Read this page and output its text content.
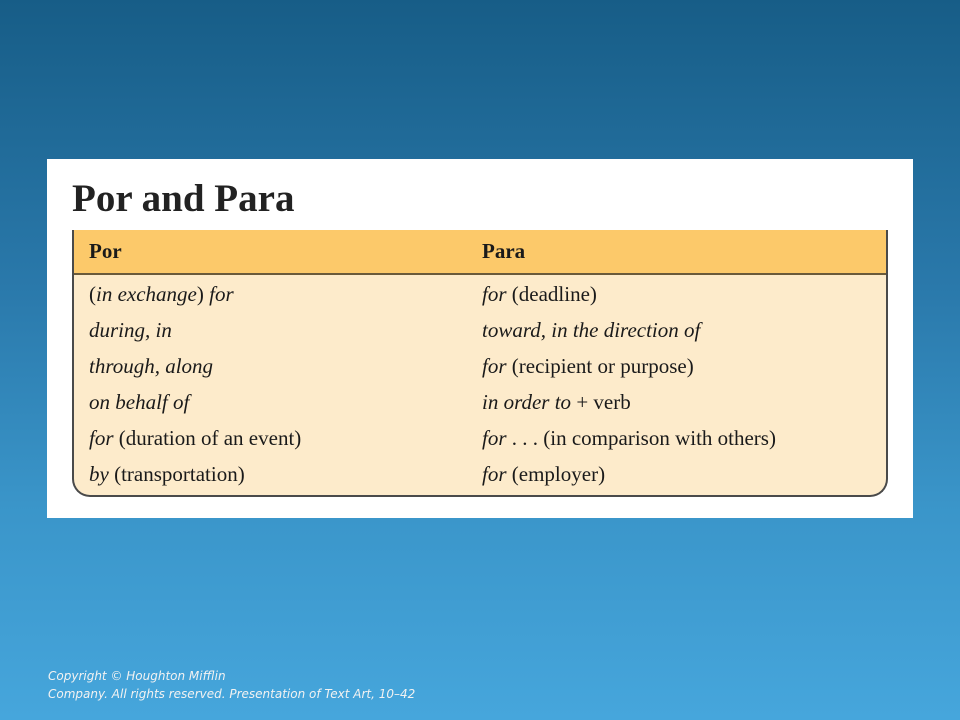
Por and Para
Por	Para
(in exchange) for	for (deadline)
during, in	toward, in the direction of
through, along	for (recipient or purpose)
on behalf of	in order to + verb
for (duration of an event)	for . . . (in comparison with others)
by (transportation)	for (employer)
Copyright © Houghton Mifflin
Company. All rights reserved. Presentation of Text Art, 10–42
